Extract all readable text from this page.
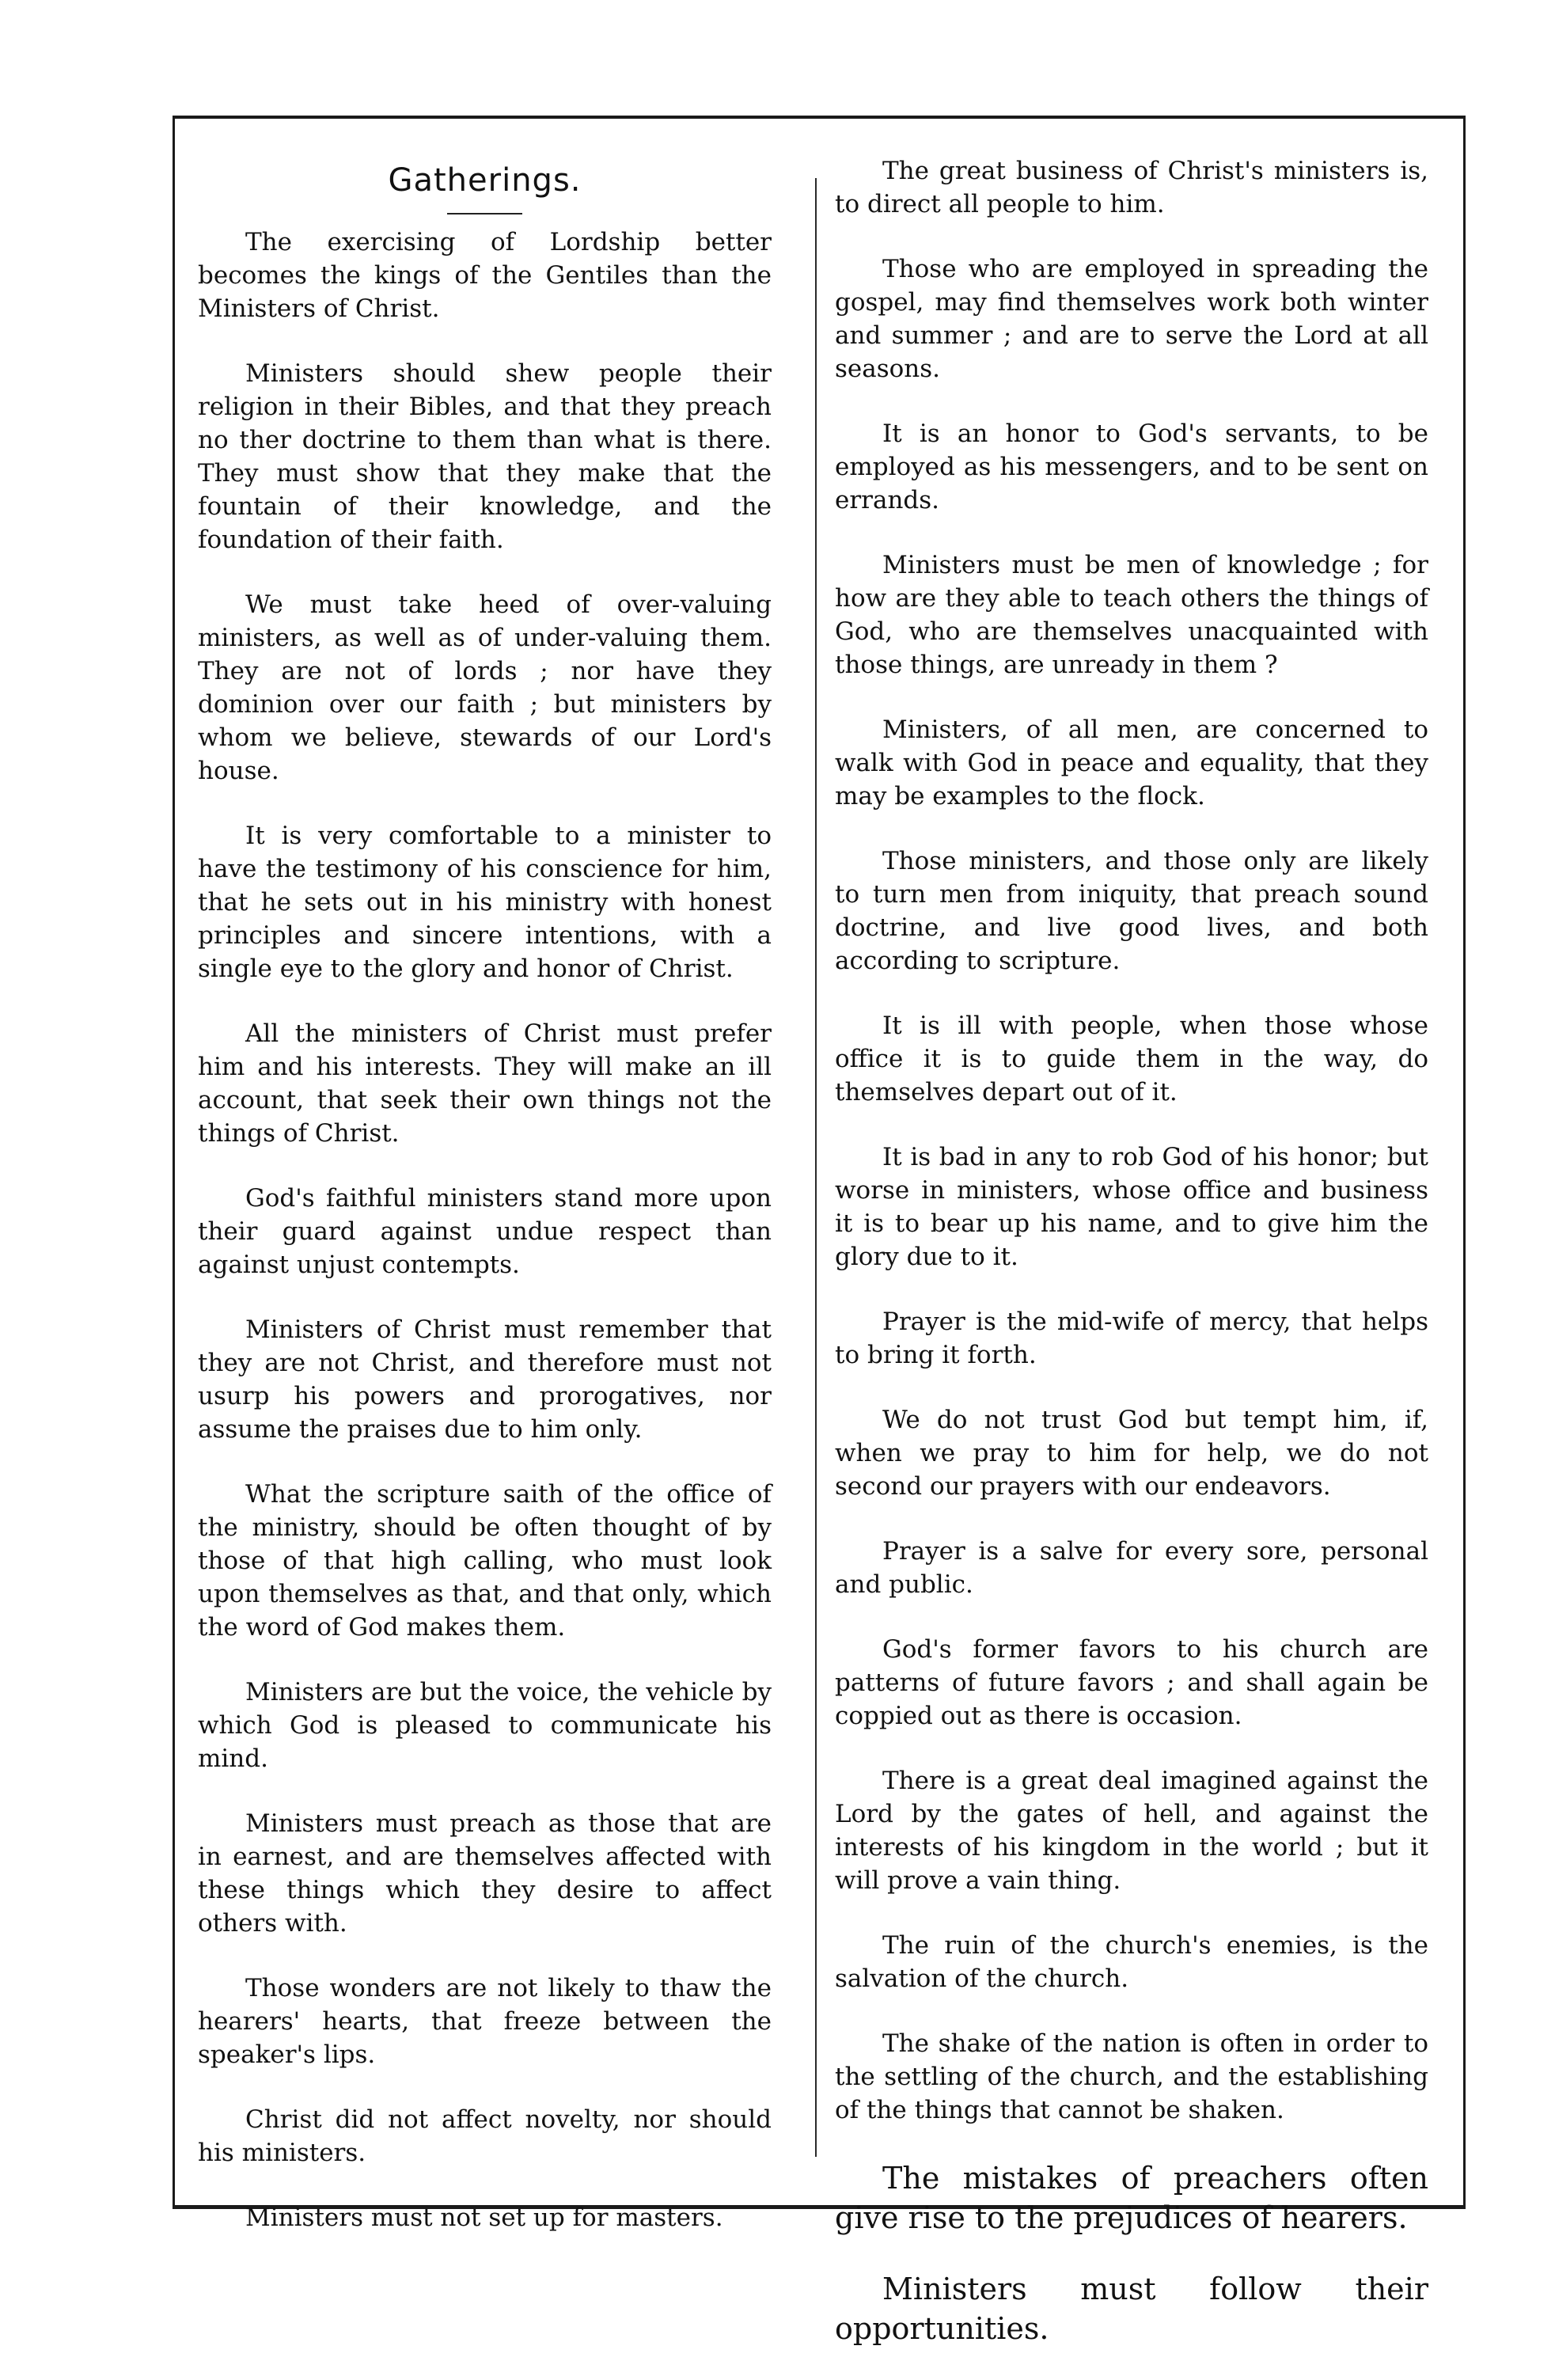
Gatherings.

The exercising of Lordship better becomes the kings of the Gentiles than the Ministers of Christ.

Ministers should shew people their religion in their Bibles, and that they preach no ther doctrine to them than what is there. They must show that they make that the fountain of their knowledge, and the foundation of their faith.

We must take heed of over-valuing ministers, as well as of under-valuing them. They are not of lords ; nor have they dominion over our faith ; but ministers by whom we believe, stewards of our Lord's house.

It is very comfortable to a minister to have the testimony of his conscience for him, that he sets out in his ministry with honest principles and sincere intentions, with a single eye to the glory and honor of Christ.

All the ministers of Christ must prefer him and his interests. They will make an ill account, that seek their own things not the things of Christ.

God's faithful ministers stand more upon their guard against undue respect than against unjust contempts.

Ministers of Christ must remember that they are not Christ, and therefore must not usurp his powers and prorogatives, nor assume the praises due to him only.

What the scripture saith of the office of the ministry, should be often thought of by those of that high calling, who must look upon themselves as that, and that only, which the word of God makes them.

Ministers are but the voice, the vehicle by which God is pleased to communicate his mind.

Ministers must preach as those that are in earnest, and are themselves affected with these things which they desire to affect others with.

Those wonders are not likely to thaw the hearers' hearts, that freeze between the speaker's lips.

Christ did not affect novelty, nor should his ministers.

Ministers must not set up for masters.

The great business of Christ's ministers is, to direct all people to him.

Those who are employed in spreading the gospel, may find themselves work both winter and summer ; and are to serve the Lord at all seasons.

It is an honor to God's servants, to be employed as his messengers, and to be sent on errands.

Ministers must be men of knowledge ; for how are they able to teach others the things of God, who are themselves unacquainted with those things, are unready in them ?

Ministers, of all men, are concerned to walk with God in peace and equality, that they may be examples to the flock.

Those ministers, and those only are likely to turn men from iniquity, that preach sound doctrine, and live good lives, and both according to scripture.

It is ill with people, when those whose office it is to guide them in the way, do themselves depart out of it.

It is bad in any to rob God of his honor; but worse in ministers, whose office and business it is to bear up his name, and to give him the glory due to it.

Prayer is the mid-wife of mercy, that helps to bring it forth.

We do not trust God but tempt him, if, when we pray to him for help, we do not second our prayers with our endeavors.

Prayer is a salve for every sore, personal and public.

God's former favors to his church are patterns of future favors ; and shall again be coppied out as there is occasion.

There is a great deal imagined against the Lord by the gates of hell, and against the interests of his kingdom in the world ; but it will prove a vain thing.

The ruin of the church's enemies, is the salvation of the church.

The shake of the nation is often in order to the settling of the church, and the establishing of the things that cannot be shaken.

The mistakes of preachers often give rise to the prejudices of hearers.

Ministers must follow their opportunities.
